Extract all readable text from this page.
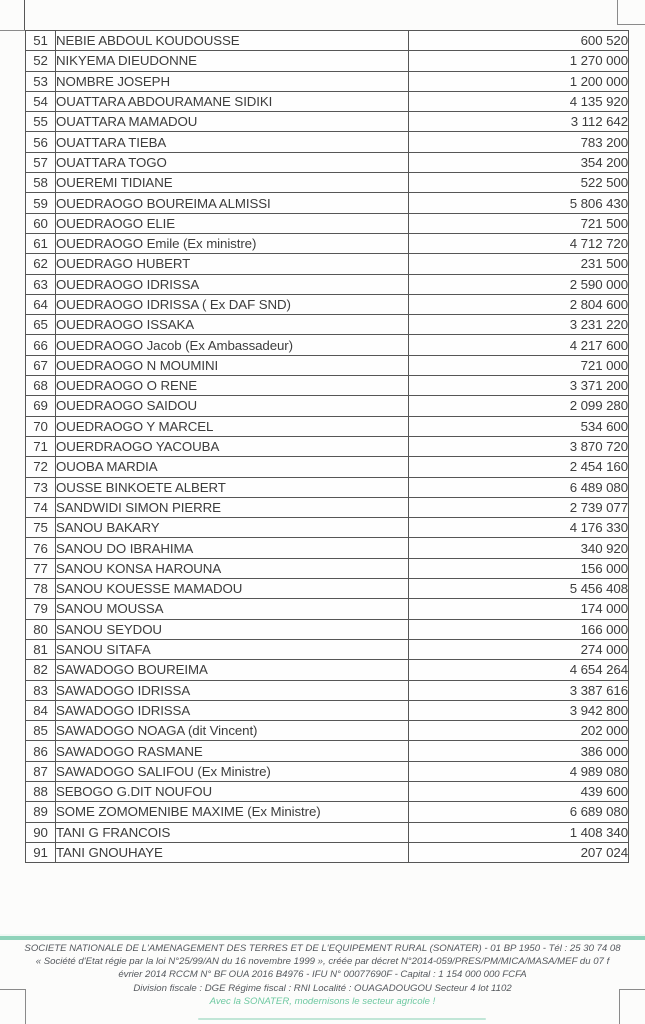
51	NEBIE ABDOUL KOUDOUSSE	600 520
52	NIKYEMA DIEUDONNE	1 270 000
53	NOMBRE JOSEPH	1 200 000
54	OUATTARA ABDOURAMANE SIDIKI	4 135 920
55	OUATTARA MAMADOU	3 112 642
56	OUATTARA TIEBA	783 200
57	OUATTARA TOGO	354 200
58	OUEREMI TIDIANE	522 500
59	OUEDRAOGO BOUREIMA ALMISSI	5 806 430
60	OUEDRAOGO ELIE	721 500
61	OUEDRAOGO Emile (Ex ministre)	4 712 720
62	OUEDRAGO HUBERT	231 500
63	OUEDRAOGO IDRISSA	2 590 000
64	OUEDRAOGO IDRISSA ( Ex DAF SND)	2 804 600
65	OUEDRAOGO ISSAKA	3 231 220
66	OUEDRAOGO Jacob (Ex Ambassadeur)	4 217 600
67	OUEDRAOGO N MOUMINI	721 000
68	OUEDRAOGO O RENE	3 371 200
69	OUEDRAOGO SAIDOU	2 099 280
70	OUEDRAOGO Y MARCEL	534 600
71	OUERDRAOGO YACOUBA	3 870 720
72	OUOBA MARDIA	2 454 160
73	OUSSE BINKOETE ALBERT	6 489 080
74	SANDWIDI SIMON PIERRE	2 739 077
75	SANOU BAKARY	4 176 330
76	SANOU DO IBRAHIMA	340 920
77	SANOU KONSA HAROUNA	156 000
78	SANOU KOUESSE MAMADOU	5 456 408
79	SANOU MOUSSA	174 000
80	SANOU SEYDOU	166 000
81	SANOU SITAFA	274 000
82	SAWADOGO BOUREIMA	4 654 264
83	SAWADOGO IDRISSA	3 387 616
84	SAWADOGO IDRISSA	3 942 800
85	SAWADOGO NOAGA (dit Vincent)	202 000
86	SAWADOGO RASMANE	386 000
87	SAWADOGO SALIFOU (Ex Ministre)	4 989 080
88	SEBOGO G.DIT NOUFOU	439 600
89	SOME ZOMOMENIBE MAXIME (Ex Ministre)	6 689 080
90	TANI G FRANCOIS	1 408 340
91	TANI GNOUHAYE	207 024
SOCIETE NATIONALE DE L'AMENAGEMENT DES TERRES ET DE L'EQUIPEMENT RURAL (SONATER) - 01 BP 1950 - Tél : 25 30 74 08
« Société d'Etat régie par la loi N°25/99/AN du 16 novembre 1999 », créée par décret N°2014-059/PRES/PM/MICA/MASA/MEF du 07 f
évrier 2014 RCCM N° BF OUA 2016 B4976 - IFU N° 00077690F - Capital : 1 154 000 000 FCFA
Division fiscale : DGE Régime fiscal : RNI Localité : OUAGADOUGOU Secteur 4 lot 1102
Avec la SONATER, modernisons le secteur agricole !
